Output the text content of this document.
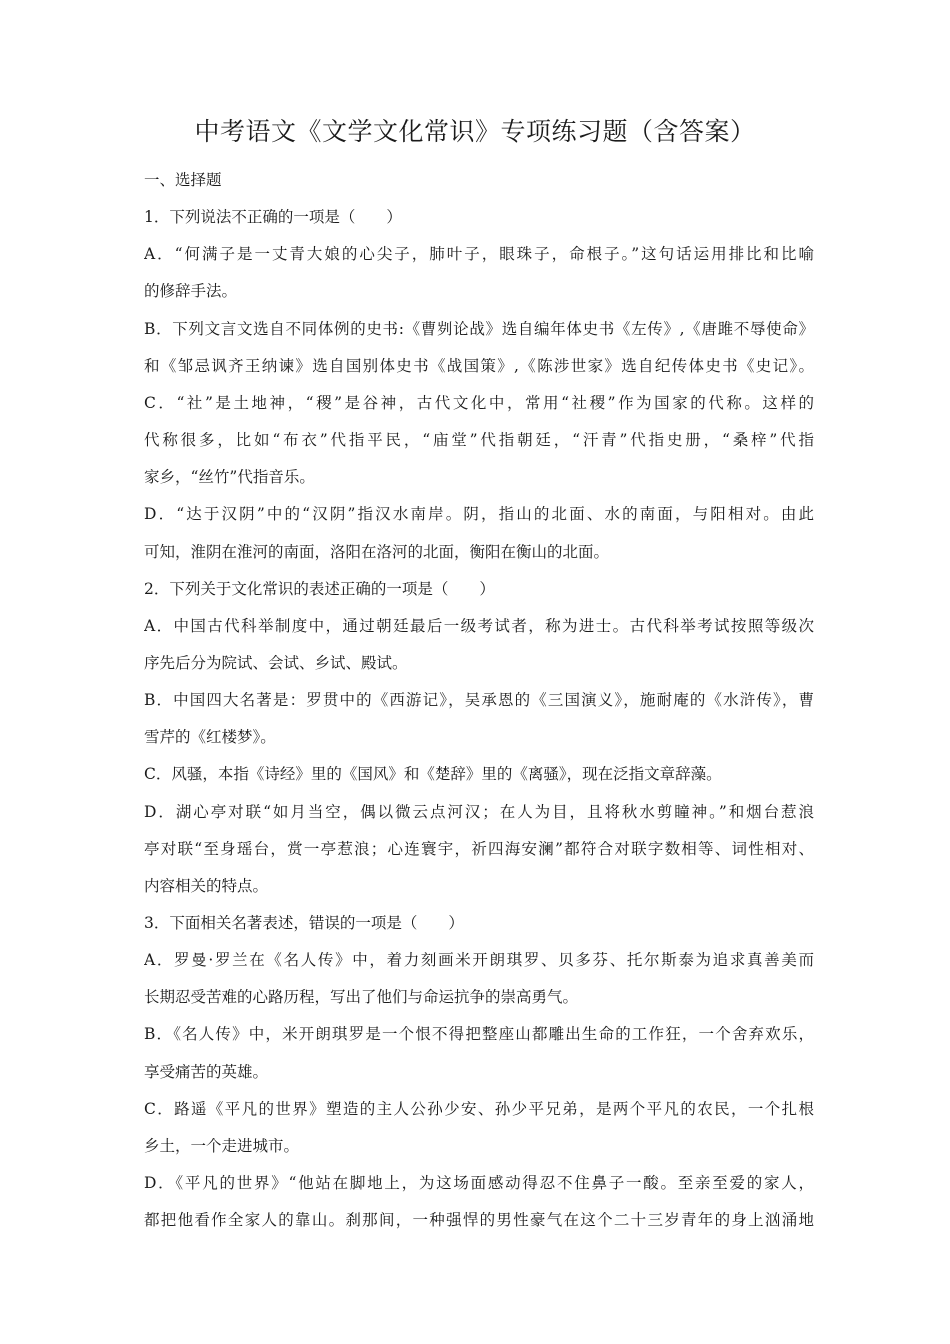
中考语文《文学文化常识》专项练习题（含答案）
一、选择题
1．下列说法不正确的一项是（　　）
A．“何满子是一丈青大娘的心尖子，肺叶子，眼珠子，命根子。”这句话运用排比和比喻
的修辞手法。
B．下列文言文选自不同体例的史书:《曹刿论战》选自编年体史书《左传》,《唐雎不辱使命》
和《邹忌讽齐王纳谏》选自国别体史书《战国策》,《陈涉世家》选自纪传体史书《史记》。
C．“社”是土地神，“稷”是谷神，古代文化中，常用“社稷”作为国家的代称。这样的
代称很多，比如“布衣”代指平民，“庙堂”代指朝廷，“汗青”代指史册，“桑梓”代指
家乡，“丝竹”代指音乐。
D．“达于汉阴”中的“汉阴”指汉水南岸。阴，指山的北面、水的南面，与阳相对。由此
可知，淮阴在淮河的南面，洛阳在洛河的北面，衡阳在衡山的北面。
2．下列关于文化常识的表述正确的一项是（　　）
A．中国古代科举制度中，通过朝廷最后一级考试者，称为进士。古代科举考试按照等级次
序先后分为院试、会试、乡试、殿试。
B．中国四大名著是：罗贯中的《西游记》，吴承恩的《三国演义》，施耐庵的《水浒传》，曹
雪芹的《红楼梦》。
C．风骚，本指《诗经》里的《国风》和《楚辞》里的《离骚》，现在泛指文章辞藻。
D．湖心亭对联“如月当空，偶以微云点河汉；在人为目，且将秋水剪瞳神。”和烟台惹浪
亭对联“至身瑶台，赏一亭惹浪；心连寰宇，祈四海安澜”都符合对联字数相等、词性相对、
内容相关的特点。
3．下面相关名著表述，错误的一项是（　　）
A．罗曼·罗兰在《名人传》中，着力刻画米开朗琪罗、贝多芬、托尔斯泰为追求真善美而
长期忍受苦难的心路历程，写出了他们与命运抗争的崇高勇气。
B．《名人传》中，米开朗琪罗是一个恨不得把整座山都雕出生命的工作狂，一个舍弃欢乐，
享受痛苦的英雄。
C．路遥《平凡的世界》塑造的主人公孙少安、孙少平兄弟，是两个平凡的农民，一个扎根
乡土，一个走进城市。
D．《平凡的世界》“他站在脚地上，为这场面感动得忍不住鼻子一酸。至亲至爱的家人，
都把他看作全家人的靠山。刹那间，一种强悍的男性豪气在这个二十三岁青年的身上汹涌地
